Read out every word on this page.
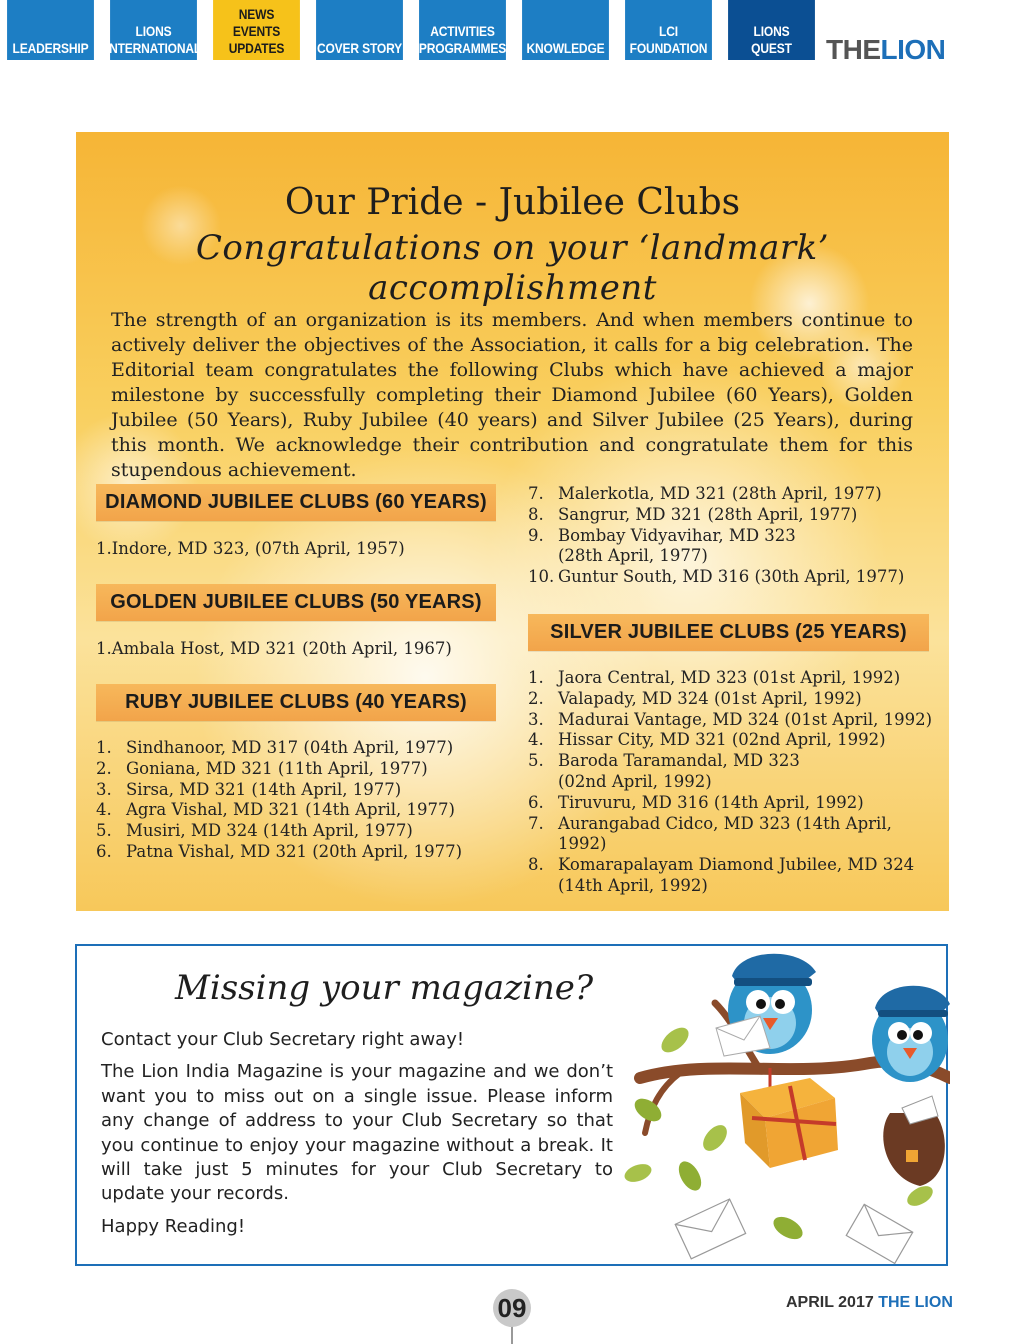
LEADERSHIP
LIONS
INTERNATIONAL
NEWS
EVENTS
UPDATES COVER STORY
ACTIVITIES
PROGRAMMES KNOWLEDGE
LCI
FOUNDATION
LIONS
QUEST THELION
Our Pride - Jubilee Clubs
Congratulations on your ‘landmark’ accomplishment
The strength of an organization is its members. And when members continue to actively deliver the objectives of the Association, it calls for a big celebration. The Editorial team congratulates the following Clubs which have achieved a major milestone by successfully completing their Diamond Jubilee (60 Years), Golden Jubilee (50 Years), Ruby Jubilee (40 years) and Silver Jubilee (25 Years), during this month. We acknowledge their contribution and congratulate them for this stupendous achievement.
DIAMOND JUBILEE CLUBS (60 YEARS)
1.Indore, MD 323, (07th April, 1957)
GOLDEN JUBILEE CLUBS (50 YEARS)
1.Ambala Host, MD 321 (20th April, 1967)
RUBY JUBILEE CLUBS (40 YEARS)
1. Sindhanoor, MD 317 (04th April, 1977)
2. Goniana, MD 321 (11th April, 1977)
3. Sirsa, MD 321 (14th April, 1977)
4. Agra Vishal, MD 321 (14th April, 1977)
5. Musiri, MD 324 (14th April, 1977)
6. Patna Vishal, MD 321 (20th April, 1977)
7. Malerkotla, MD 321 (28th April, 1977)
8. Sangrur, MD 321 (28th April, 1977)
9. Bombay Vidyavihar, MD 323
(28th April, 1977)
10. Guntur South, MD 316 (30th April, 1977)
SILVER JUBILEE CLUBS (25 YEARS)
1. Jaora Central, MD 323 (01st April, 1992)
2. Valapady, MD 324 (01st April, 1992)
3. Madurai Vantage, MD 324 (01st April, 1992)
4. Hissar City, MD 321 (02nd April, 1992)
5. Baroda Taramandal, MD 323
(02nd April, 1992)
6. Tiruvuru, MD 316 (14th April, 1992)
7. Aurangabad Cidco, MD 323 (14th April, 1992)
8. Komarapalayam Diamond Jubilee, MD 324
(14th April, 1992)
Missing your magazine?

Contact your Club Secretary right away!

The Lion India Magazine is your magazine and we don’t want you to miss out on a single issue. Please inform any change of address to your Club Secretary so that you continue to enjoy your magazine without a break. It will take just 5 minutes for your Club Secretary to update your records.

Happy Reading!

09	APRIL 2017 THE LION
